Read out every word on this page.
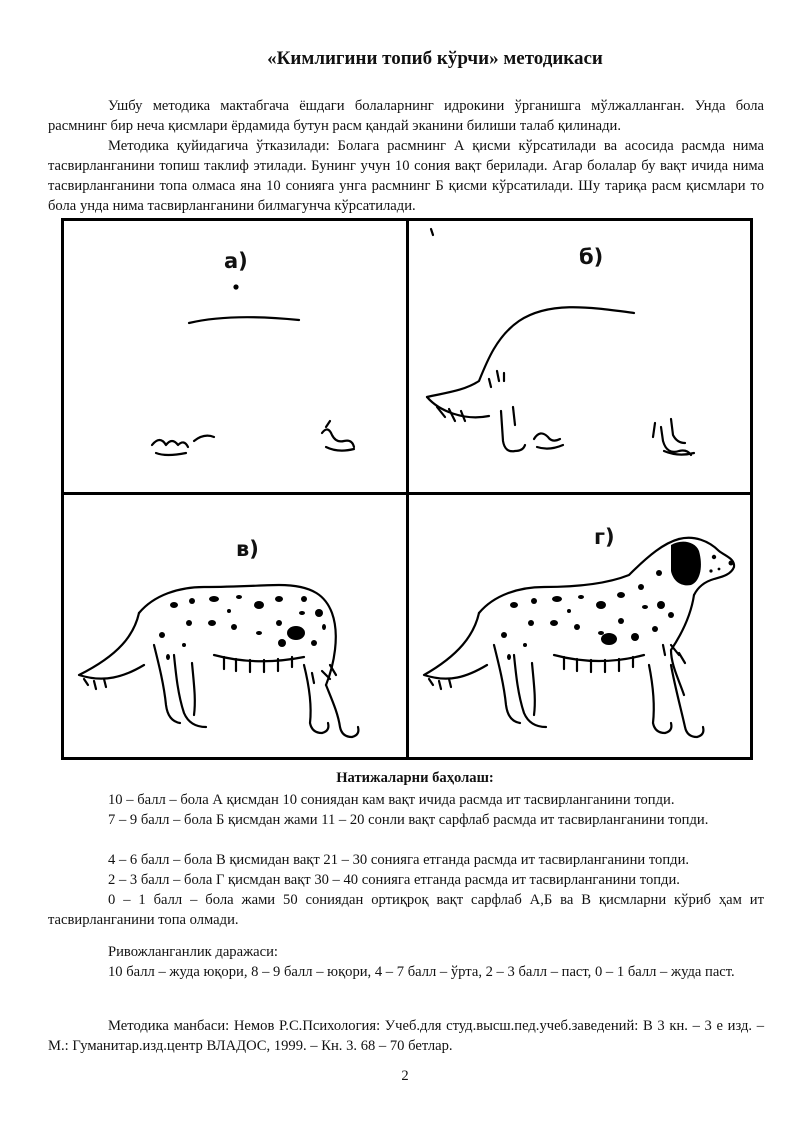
«Кимлигини топиб кўрчи» методикаси

Ушбу методика мактабгача ёшдаги болаларнинг идрокини ўрганишга мўлжалланган. Унда бола расмнинг бир неча қисмлари ёрдамида бутун расм қандай эканини билиши талаб қилинади.

Методика қуйидагича ўтказилади: Болага расмнинг А қисми кўрсатилади ва асосида расмда нима тасвирланганини топиш таклиф этилади. Бунинг учун 10 сония вақт берилади. Агар болалар бу вақт ичида нима тасвирланганини топа олмаса яна 10 сонияга унга расмнинг Б қисми кўрсатилади. Шу тариқа расм қисмлари то бола унда нима тасвирланганини билмагунча кўрсатилади.

а)	б)
в)	г)
Натижаларни баҳолаш:

10 – балл – бола А қисмдан 10 сониядан кам вақт ичида расмда ит тасвирланганини топди.

7 – 9 балл – бола Б қисмдан жами 11 – 20 сонли вақт сарфлаб расмда ит тасвирланганини топди.

4 – 6 балл – бола В қисмидан вақт 21 – 30 сонияга етганда расмда ит тасвирланганини топди.

2 – 3 балл – бола Г қисмдан вақт 30 – 40 сонияга етганда расмда ит тасвирланганини топди.

0 – 1 балл – бола жами 50 сониядан ортиқроқ вақт сарфлаб А,Б ва В қисмларни кўриб ҳам ит тасвирланганини топа олмади.

Ривожланганлик даражаси:

10 балл – жуда юқори, 8 – 9 балл – юқори, 4 – 7 балл – ўрта, 2 – 3 балл – паст, 0 – 1 балл – жуда паст.

Методика манбаси: Немов Р.С.Психология: Учеб.для студ.высш.пед.учеб.заведений: В 3 кн. – 3 е изд. – М.: Гуманитар.изд.центр ВЛАДОС, 1999. – Кн. 3. 68 – 70 бетлар.

2
